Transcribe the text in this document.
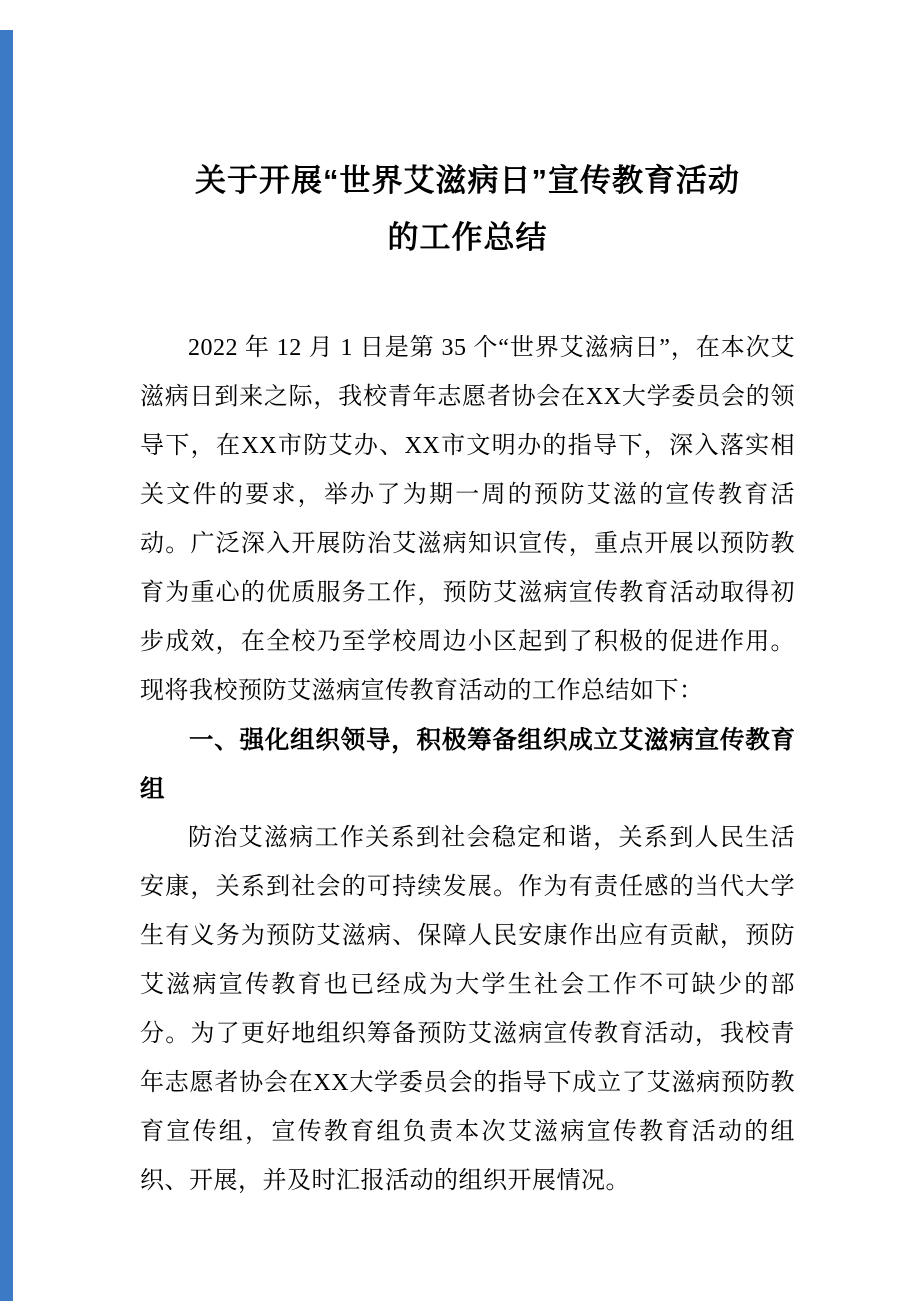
关于开展“世界艾滋病日”宣传教育活动
的工作总结

2022 年 12 月 1 日是第 35 个“世界艾滋病日”，在本次艾滋病日到来之际，我校青年志愿者协会在XX大学委员会的领导下，在XX市防艾办、XX市文明办的指导下，深入落实相关文件的要求，举办了为期一周的预防艾滋的宣传教育活动。广泛深入开展防治艾滋病知识宣传，重点开展以预防教育为重心的优质服务工作，预防艾滋病宣传教育活动取得初步成效，在全校乃至学校周边小区起到了积极的促进作用。现将我校预防艾滋病宣传教育活动的工作总结如下：

一、强化组织领导，积极筹备组织成立艾滋病宣传教育组

防治艾滋病工作关系到社会稳定和谐，关系到人民生活安康，关系到社会的可持续发展。作为有责任感的当代大学生有义务为预防艾滋病、保障人民安康作出应有贡献，预防艾滋病宣传教育也已经成为大学生社会工作不可缺少的部分。为了更好地组织筹备预防艾滋病宣传教育活动，我校青年志愿者协会在XX大学委员会的指导下成立了艾滋病预防教育宣传组，宣传教育组负责本次艾滋病宣传教育活动的组织、开展，并及时汇报活动的组织开展情况。
